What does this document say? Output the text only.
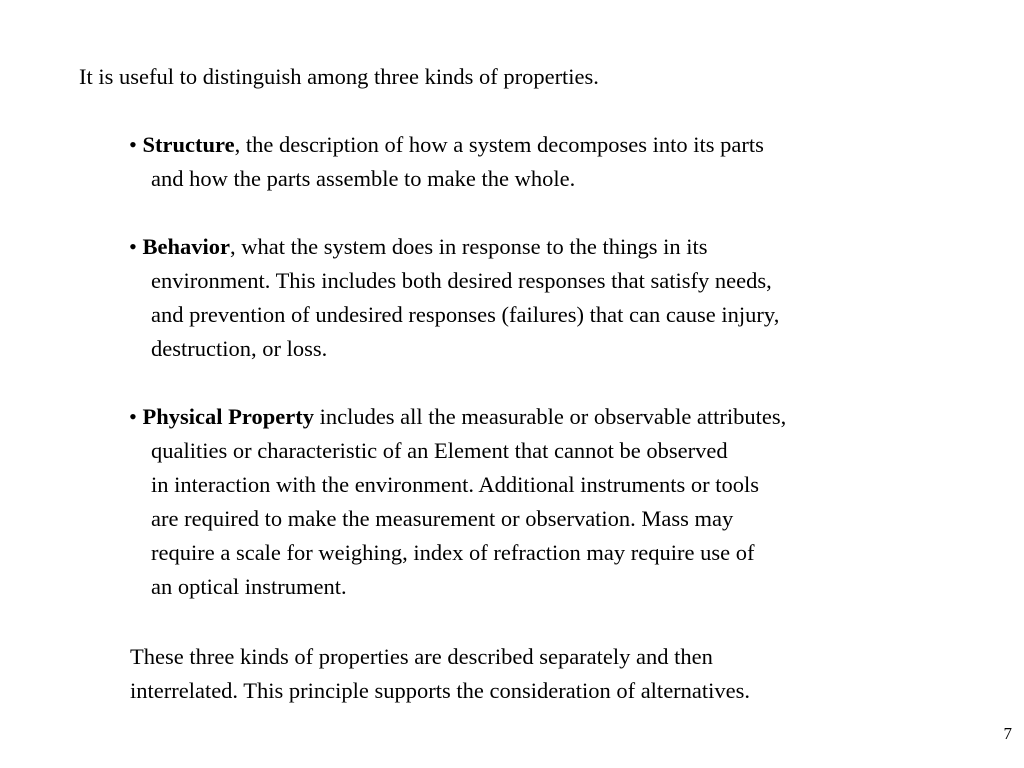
It is useful to distinguish among three kinds of properties.
• Structure, the description of how a system decomposes into its parts
and how the parts assemble to make the whole.
• Behavior, what the system does in response to the things in its
environment. This includes both desired responses that satisfy needs,
and prevention of undesired responses (failures) that can cause injury,
destruction, or loss.
• Physical Property includes all the measurable or observable attributes,
qualities or characteristic of an Element that cannot be observed
in interaction with the environment. Additional instruments or tools
are required to make the measurement or observation. Mass may
require a scale for weighing, index of refraction may require use of
an optical instrument.
These three kinds of properties are described separately and then
interrelated. This principle supports the consideration of alternatives.
7
